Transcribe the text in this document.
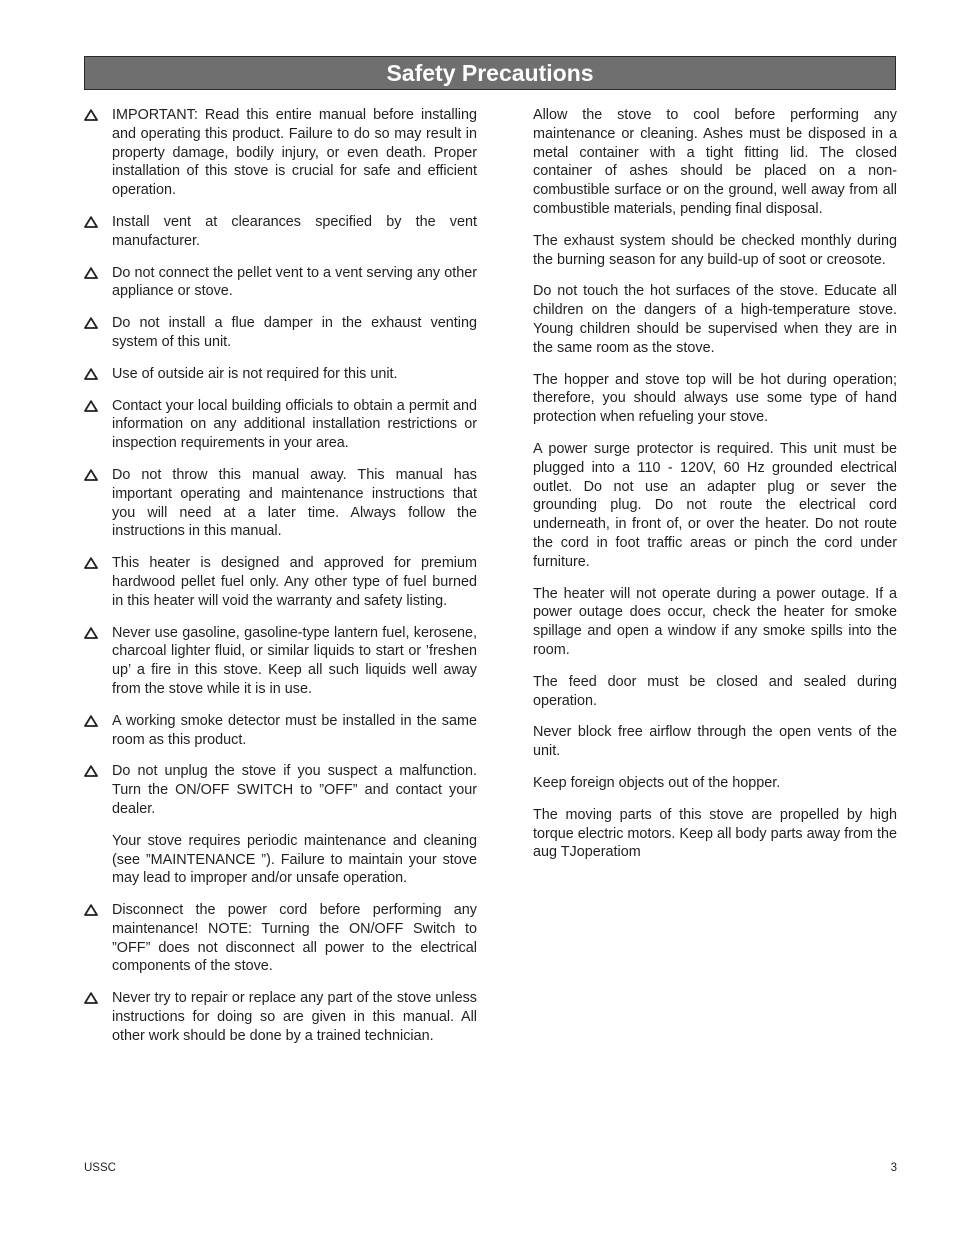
Safety Precautions
IMPORTANT: Read this entire manual before installing and operating this product. Failure to do so may result in property damage, bodily injury, or even death. Proper installation of this stove is crucial for safe and efficient operation.
Install vent at clearances specified by the vent manufacturer.
Do not connect the pellet vent to a vent serving any other appliance or stove.
Do not install a flue damper in the exhaust venting system of this unit.
Use of outside air is not required for this unit.
Contact your local building officials to obtain a permit and information on any additional installation restrictions or inspection requirements in your area.
Do not throw this manual away. This manual has important operating and maintenance instructions that you will need at a later time. Always follow the instructions in this manual.
This heater is designed and approved for premium hardwood pellet fuel only. Any other type of fuel burned in this heater will void the warranty and safety listing.
Never use gasoline, gasoline-type lantern fuel, kerosene, charcoal lighter fluid, or similar liquids to start or ’freshen up’ a fire in this stove. Keep all such liquids well away from the stove while it is in use.
A working smoke detector must be installed in the same room as this product.
Do not unplug the stove if you suspect a malfunction. Turn the ON/OFF SWITCH to ”OFF” and contact your dealer.
Your stove requires periodic maintenance and cleaning (see ”MAINTENANCE ”). Failure to maintain your stove may lead to improper and/or unsafe operation.
Disconnect the power cord before performing any maintenance! NOTE: Turning the ON/OFF Switch to ”OFF” does not disconnect all power to the electrical components of the stove.
Never try to repair or replace any part of the stove unless instructions for doing so are given in this manual. All other work should be done by a trained technician.

Allow the stove to cool before performing any maintenance or cleaning. Ashes must be disposed in a metal container with a tight fitting lid. The closed container of ashes should be placed on a non-combustible surface or on the ground, well away from all combustible materials, pending final disposal.

The exhaust system should be checked monthly during the burning season for any build-up of soot or creosote.

Do not touch the hot surfaces of the stove. Educate all children on the dangers of a high-temperature stove. Young children should be supervised when they are in the same room as the stove.

The hopper and stove top will be hot during operation; therefore, you should always use some type of hand protection when refueling your stove.

A power surge protector is required. This unit must be plugged into a 110 - 120V, 60 Hz grounded electrical outlet. Do not use an adapter plug or sever the grounding plug. Do not route the electrical cord underneath, in front of, or over the heater. Do not route the cord in foot traffic areas or pinch the cord under furniture.

The heater will not operate during a power outage. If a power outage does occur, check the heater for smoke spillage and open a window if any smoke spills into the room.

The feed door must be closed and sealed during operation.

Never block free airflow through the open vents of the unit.

Keep foreign objects out of the hopper.

The moving parts of this stove are propelled by high torque electric motors. Keep all body parts away from the aug TJoperatiom

USSC	3
